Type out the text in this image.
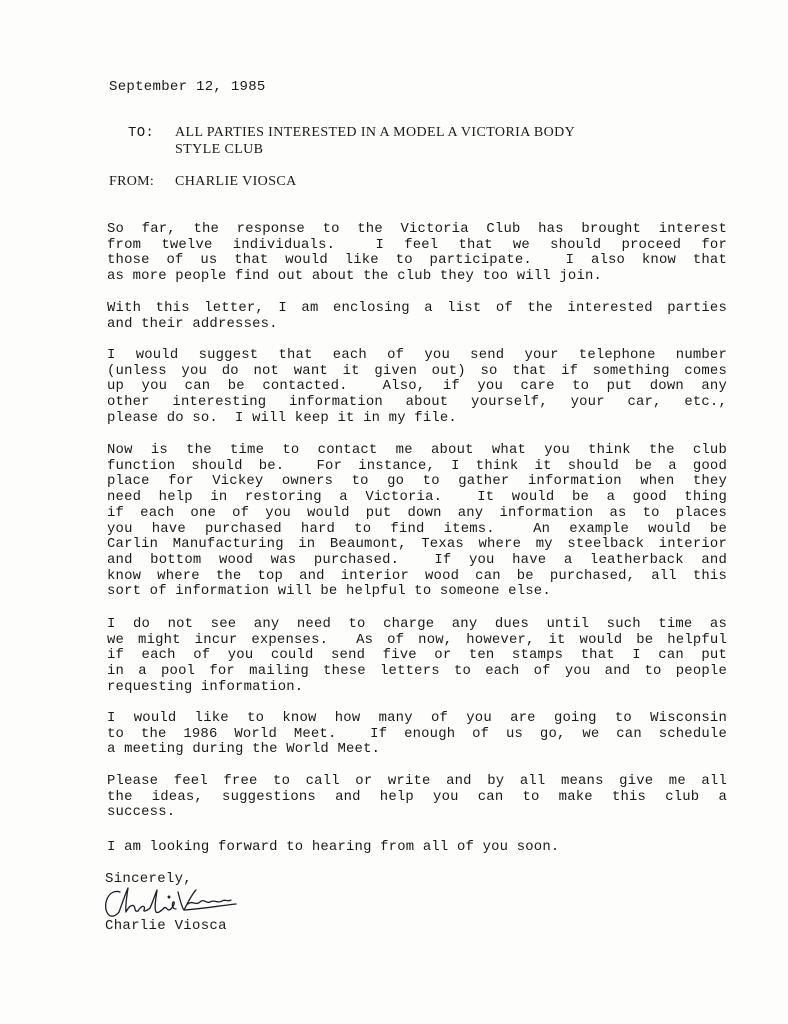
September 12, 1985
TO: ALL PARTIES INTERESTED IN A MODEL A VICTORIA BODY
STYLE CLUB
FROM: CHARLIE VIOSCA
So far, the response to the Victoria Club has brought interest
from twelve individuals.  I feel that we should proceed for
those of us that would like to participate.  I also know that
as more people find out about the club they too will join.
With this letter, I am enclosing a list of the interested parties
and their addresses.
I would suggest that each of you send your telephone number
(unless you do not want it given out) so that if something comes
up you can be contacted.  Also, if you care to put down any
other interesting information about yourself, your car, etc.,
please do so.  I will keep it in my file.
Now is the time to contact me about what you think the club
function should be.  For instance, I think it should be a good
place for Vickey owners to go to gather information when they
need help in restoring a Victoria.  It would be a good thing
if each one of you would put down any information as to places
you have purchased hard to find items.  An example would be
Carlin Manufacturing in Beaumont, Texas where my steelback interior
and bottom wood was purchased.  If you have a leatherback and
know where the top and interior wood can be purchased, all this
sort of information will be helpful to someone else.
I do not see any need to charge any dues until such time as
we might incur expenses.  As of now, however, it would be helpful
if each of you could send five or ten stamps that I can put
in a pool for mailing these letters to each of you and to people
requesting information.
I would like to know how many of you are going to Wisconsin
to the 1986 World Meet.  If enough of us go, we can schedule
a meeting during the World Meet.
Please feel free to call or write and by all means give me all
the ideas, suggestions and help you can to make this club a
success.
I am looking forward to hearing from all of you soon.
Sincerely,
Charlie Viosca
